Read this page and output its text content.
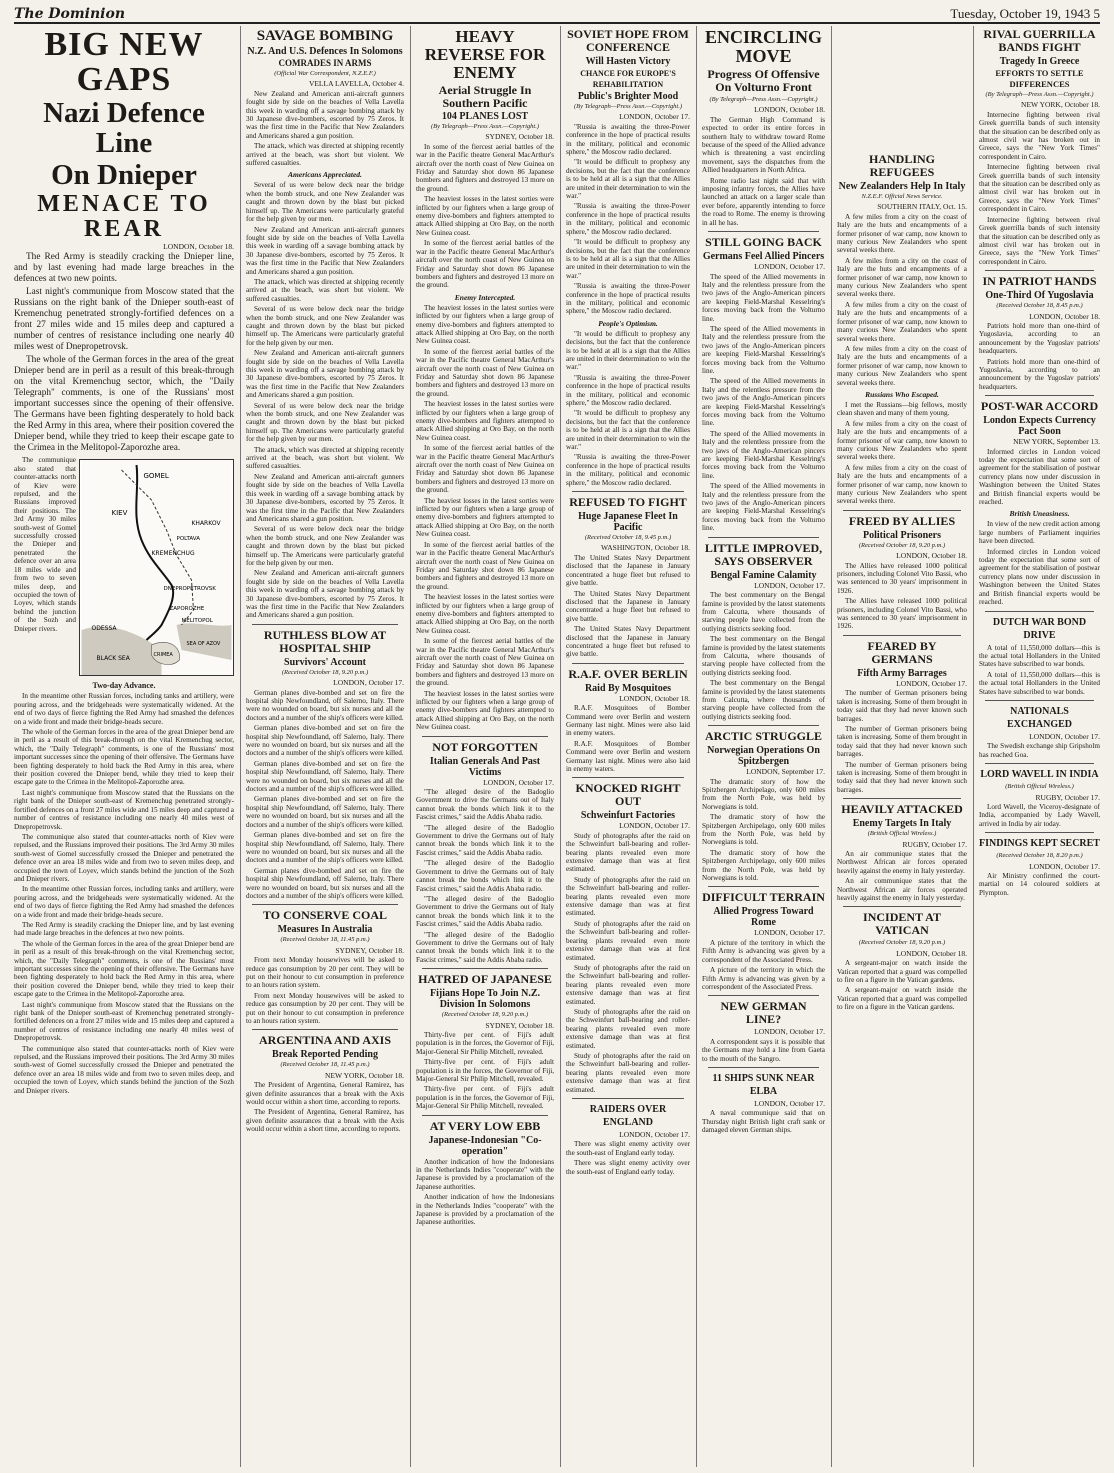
The Dominion	Tuesday, October 19, 1943 5
BIG NEW GAPS
Nazi Defence Line
On Dnieper
MENACE TO REAR
LONDON, October 18.

The Red Army is steadily cracking the Dnieper line, and by last evening had made large breaches in the defences at two new points.

Last night's communique from Moscow stated that the Russians on the right bank of the Dnieper south-east of Kremenchug penetrated strongly-fortified defences on a front 27 miles wide and 15 miles deep and captured a number of centres of resistance including one nearly 40 miles west of Dnepropetrovsk.

The whole of the German forces in the area of the great Dnieper bend are in peril as a result of this break-through on the vital Kremenchug sector, which, the "Daily Telegraph" comments, is one of the Russians' most important successes since the opening of their offensive. The Germans have been fighting desperately to hold back the Red Army in this area, where their position covered the Dnieper bend, while they tried to keep their escape gate to the Crimea in the Melitopol-Zaporozhe area.

The communique also stated that counter-attacks north of Kiev were repulsed, and the Russians improved their positions. The 3rd Army 30 miles south-west of Gomel successfully crossed the Dnieper and penetrated the defence over an area 18 miles wide and from two to seven miles deep, and occupied the town of Loyev, which stands behind the junction of the Sozh and Dnieper rivers.

GOMEL
KIEV
KREMENCHUG
DNEPROPETROVSK
ZAPOROZHE
MELITOPOL
SEA OF AZOV
BLACK SEA	CRIMEA
ODESSA
KHARKOV
POLTAVA
Two-day Advance.

In the meantime other Russian forces, including tanks and artillery, were pouring across, and the bridgeheads were systematically widened. At the end of two days of fierce fighting the Red Army had smashed the defences on a wide front and made their bridge-heads secure.

The whole of the German forces in the area of the great Dnieper bend are in peril as a result of this break-through on the vital Kremenchug sector, which, the "Daily Telegraph" comments, is one of the Russians' most important successes since the opening of their offensive. The Germans have been fighting desperately to hold back the Red Army in this area, where their position covered the Dnieper bend, while they tried to keep their escape gate to the Crimea in the Melitopol-Zaporozhe area.

Last night's communique from Moscow stated that the Russians on the right bank of the Dnieper south-east of Kremenchug penetrated strongly-fortified defences on a front 27 miles wide and 15 miles deep and captured a number of centres of resistance including one nearly 40 miles west of Dnepropetrovsk.

The communique also stated that counter-attacks north of Kiev were repulsed, and the Russians improved their positions. The 3rd Army 30 miles south-west of Gomel successfully crossed the Dnieper and penetrated the defence over an area 18 miles wide and from two to seven miles deep, and occupied the town of Loyev, which stands behind the junction of the Sozh and Dnieper rivers.

In the meantime other Russian forces, including tanks and artillery, were pouring across, and the bridgeheads were systematically widened. At the end of two days of fierce fighting the Red Army had smashed the defences on a wide front and made their bridge-heads secure.

The Red Army is steadily cracking the Dnieper line, and by last evening had made large breaches in the defences at two new points.

The whole of the German forces in the area of the great Dnieper bend are in peril as a result of this break-through on the vital Kremenchug sector, which, the "Daily Telegraph" comments, is one of the Russians' most important successes since the opening of their offensive. The Germans have been fighting desperately to hold back the Red Army in this area, where their position covered the Dnieper bend, while they tried to keep their escape gate to the Crimea in the Melitopol-Zaporozhe area.

Last night's communique from Moscow stated that the Russians on the right bank of the Dnieper south-east of Kremenchug penetrated strongly-fortified defences on a front 27 miles wide and 15 miles deep and captured a number of centres of resistance including one nearly 40 miles west of Dnepropetrovsk.

The communique also stated that counter-attacks north of Kiev were repulsed, and the Russians improved their positions. The 3rd Army 30 miles south-west of Gomel successfully crossed the Dnieper and penetrated the defence over an area 18 miles wide and from two to seven miles deep, and occupied the town of Loyev, which stands behind the junction of the Sozh and Dnieper rivers.

SAVAGE BOMBING
N.Z. And U.S. Defences In Solomons
COMRADES IN ARMS
(Official War Correspondent, N.Z.E.F.)
VELLA LAVELLA, October 4.

New Zealand and American anti-aircraft gunners fought side by side on the beaches of Vella Lavella this week in warding off a savage bombing attack by 30 Japanese dive-bombers, escorted by 75 Zeros. It was the first time in the Pacific that New Zealanders and Americans shared a gun position.

The attack, which was directed at shipping recently arrived at the beach, was short but violent. We suffered casualties.

Americans Appreciated.

Several of us were below deck near the bridge when the bomb struck, and one New Zealander was caught and thrown down by the blast but picked himself up. The Americans were particularly grateful for the help given by our men.

New Zealand and American anti-aircraft gunners fought side by side on the beaches of Vella Lavella this week in warding off a savage bombing attack by 30 Japanese dive-bombers, escorted by 75 Zeros. It was the first time in the Pacific that New Zealanders and Americans shared a gun position.

The attack, which was directed at shipping recently arrived at the beach, was short but violent. We suffered casualties.

Several of us were below deck near the bridge when the bomb struck, and one New Zealander was caught and thrown down by the blast but picked himself up. The Americans were particularly grateful for the help given by our men.

New Zealand and American anti-aircraft gunners fought side by side on the beaches of Vella Lavella this week in warding off a savage bombing attack by 30 Japanese dive-bombers, escorted by 75 Zeros. It was the first time in the Pacific that New Zealanders and Americans shared a gun position.

Several of us were below deck near the bridge when the bomb struck, and one New Zealander was caught and thrown down by the blast but picked himself up. The Americans were particularly grateful for the help given by our men.

The attack, which was directed at shipping recently arrived at the beach, was short but violent. We suffered casualties.

New Zealand and American anti-aircraft gunners fought side by side on the beaches of Vella Lavella this week in warding off a savage bombing attack by 30 Japanese dive-bombers, escorted by 75 Zeros. It was the first time in the Pacific that New Zealanders and Americans shared a gun position.

Several of us were below deck near the bridge when the bomb struck, and one New Zealander was caught and thrown down by the blast but picked himself up. The Americans were particularly grateful for the help given by our men.

New Zealand and American anti-aircraft gunners fought side by side on the beaches of Vella Lavella this week in warding off a savage bombing attack by 30 Japanese dive-bombers, escorted by 75 Zeros. It was the first time in the Pacific that New Zealanders and Americans shared a gun position.

RUTHLESS BLOW AT HOSPITAL SHIP
Survivors' Account
(Received October 18, 9.20 p.m.)
LONDON, October 17.

German planes dive-bombed and set on fire the hospital ship Newfoundland, off Salerno, Italy. There were no wounded on board, but six nurses and all the doctors and a number of the ship's officers were killed.

German planes dive-bombed and set on fire the hospital ship Newfoundland, off Salerno, Italy. There were no wounded on board, but six nurses and all the doctors and a number of the ship's officers were killed.

German planes dive-bombed and set on fire the hospital ship Newfoundland, off Salerno, Italy. There were no wounded on board, but six nurses and all the doctors and a number of the ship's officers were killed.

German planes dive-bombed and set on fire the hospital ship Newfoundland, off Salerno, Italy. There were no wounded on board, but six nurses and all the doctors and a number of the ship's officers were killed.

German planes dive-bombed and set on fire the hospital ship Newfoundland, off Salerno, Italy. There were no wounded on board, but six nurses and all the doctors and a number of the ship's officers were killed.

German planes dive-bombed and set on fire the hospital ship Newfoundland, off Salerno, Italy. There were no wounded on board, but six nurses and all the doctors and a number of the ship's officers were killed.

TO CONSERVE COAL
Measures In Australia
(Received October 18, 11.45 p.m.)
SYDNEY, October 18.

From next Monday housewives will be asked to reduce gas consumption by 20 per cent. They will be put on their honour to cut consumption in preference to an hours ration system.

From next Monday housewives will be asked to reduce gas consumption by 20 per cent. They will be put on their honour to cut consumption in preference to an hours ration system.

ARGENTINA AND AXIS
Break Reported Pending
(Received October 18, 11.45 p.m.)
NEW YORK, October 18.

The President of Argentina, General Ramirez, has given definite assurances that a break with the Axis would occur within a short time, according to reports.

The President of Argentina, General Ramirez, has given definite assurances that a break with the Axis would occur within a short time, according to reports.

HEAVY REVERSE FOR ENEMY
Aerial Struggle In Southern Pacific
104 PLANES LOST
(By Telegraph—Press Assn.—Copyright.)
SYDNEY, October 18.

In some of the fiercest aerial battles of the war in the Pacific theatre General MacArthur's aircraft over the north coast of New Guinea on Friday and Saturday shot down 86 Japanese bombers and fighters and destroyed 13 more on the ground.

The heaviest losses in the latest sorties were inflicted by our fighters when a large group of enemy dive-bombers and fighters attempted to attack Allied shipping at Oro Bay, on the north New Guinea coast.

In some of the fiercest aerial battles of the war in the Pacific theatre General MacArthur's aircraft over the north coast of New Guinea on Friday and Saturday shot down 86 Japanese bombers and fighters and destroyed 13 more on the ground.

Enemy Intercepted.

The heaviest losses in the latest sorties were inflicted by our fighters when a large group of enemy dive-bombers and fighters attempted to attack Allied shipping at Oro Bay, on the north New Guinea coast.

In some of the fiercest aerial battles of the war in the Pacific theatre General MacArthur's aircraft over the north coast of New Guinea on Friday and Saturday shot down 86 Japanese bombers and fighters and destroyed 13 more on the ground.

The heaviest losses in the latest sorties were inflicted by our fighters when a large group of enemy dive-bombers and fighters attempted to attack Allied shipping at Oro Bay, on the north New Guinea coast.

In some of the fiercest aerial battles of the war in the Pacific theatre General MacArthur's aircraft over the north coast of New Guinea on Friday and Saturday shot down 86 Japanese bombers and fighters and destroyed 13 more on the ground.

The heaviest losses in the latest sorties were inflicted by our fighters when a large group of enemy dive-bombers and fighters attempted to attack Allied shipping at Oro Bay, on the north New Guinea coast.

In some of the fiercest aerial battles of the war in the Pacific theatre General MacArthur's aircraft over the north coast of New Guinea on Friday and Saturday shot down 86 Japanese bombers and fighters and destroyed 13 more on the ground.

The heaviest losses in the latest sorties were inflicted by our fighters when a large group of enemy dive-bombers and fighters attempted to attack Allied shipping at Oro Bay, on the north New Guinea coast.

In some of the fiercest aerial battles of the war in the Pacific theatre General MacArthur's aircraft over the north coast of New Guinea on Friday and Saturday shot down 86 Japanese bombers and fighters and destroyed 13 more on the ground.

The heaviest losses in the latest sorties were inflicted by our fighters when a large group of enemy dive-bombers and fighters attempted to attack Allied shipping at Oro Bay, on the north New Guinea coast.

NOT FORGOTTEN
Italian Generals And Past Victims
LONDON, October 17.

"The alleged desire of the Badoglio Government to drive the Germans out of Italy cannot break the bonds which link it to the Fascist crimes," said the Addis Ababa radio.

"The alleged desire of the Badoglio Government to drive the Germans out of Italy cannot break the bonds which link it to the Fascist crimes," said the Addis Ababa radio.

"The alleged desire of the Badoglio Government to drive the Germans out of Italy cannot break the bonds which link it to the Fascist crimes," said the Addis Ababa radio.

"The alleged desire of the Badoglio Government to drive the Germans out of Italy cannot break the bonds which link it to the Fascist crimes," said the Addis Ababa radio.

"The alleged desire of the Badoglio Government to drive the Germans out of Italy cannot break the bonds which link it to the Fascist crimes," said the Addis Ababa radio.

HATRED OF JAPANESE
Fijians Hope To Join N.Z. Division In Solomons
(Received October 18, 9.20 p.m.)
SYDNEY, October 18.

Thirty-five per cent. of Fiji's adult population is in the forces, the Governor of Fiji, Major-General Sir Philip Mitchell, revealed.

Thirty-five per cent. of Fiji's adult population is in the forces, the Governor of Fiji, Major-General Sir Philip Mitchell, revealed.

Thirty-five per cent. of Fiji's adult population is in the forces, the Governor of Fiji, Major-General Sir Philip Mitchell, revealed.

AT VERY LOW EBB
Japanese-Indonesian "Co-operation"

Another indication of how the Indonesians in the Netherlands Indies "cooperate" with the Japanese is provided by a proclamation of the Japanese authorities.

Another indication of how the Indonesians in the Netherlands Indies "cooperate" with the Japanese is provided by a proclamation of the Japanese authorities.

SOVIET HOPE FROM CONFERENCE
Will Hasten Victory
CHANCE FOR EUROPE'S REHABILITATION
Public's Brighter Mood
(By Telegraph—Press Assn.—Copyright.)
LONDON, October 17.

"Russia is awaiting the three-Power conference in the hope of practical results in the military, political and economic sphere," the Moscow radio declared.

"It would be difficult to prophesy any decisions, but the fact that the conference is to be held at all is a sign that the Allies are united in their determination to win the war."

"Russia is awaiting the three-Power conference in the hope of practical results in the military, political and economic sphere," the Moscow radio declared.

"It would be difficult to prophesy any decisions, but the fact that the conference is to be held at all is a sign that the Allies are united in their determination to win the war."

"Russia is awaiting the three-Power conference in the hope of practical results in the military, political and economic sphere," the Moscow radio declared.

People's Optimism.

"It would be difficult to prophesy any decisions, but the fact that the conference is to be held at all is a sign that the Allies are united in their determination to win the war."

"Russia is awaiting the three-Power conference in the hope of practical results in the military, political and economic sphere," the Moscow radio declared.

"It would be difficult to prophesy any decisions, but the fact that the conference is to be held at all is a sign that the Allies are united in their determination to win the war."

"Russia is awaiting the three-Power conference in the hope of practical results in the military, political and economic sphere," the Moscow radio declared.

REFUSED TO FIGHT
Huge Japanese Fleet In Pacific
(Received October 18, 9.45 p.m.)
WASHINGTON, October 18.

The United States Navy Department disclosed that the Japanese in January concentrated a huge fleet but refused to give battle.

The United States Navy Department disclosed that the Japanese in January concentrated a huge fleet but refused to give battle.

The United States Navy Department disclosed that the Japanese in January concentrated a huge fleet but refused to give battle.

R.A.F. OVER BERLIN
Raid By Mosquitoes
LONDON, October 18.

R.A.F. Mosquitoes of Bomber Command were over Berlin and western Germany last night. Mines were also laid in enemy waters.

R.A.F. Mosquitoes of Bomber Command were over Berlin and western Germany last night. Mines were also laid in enemy waters.

KNOCKED RIGHT OUT
Schweinfurt Factories
LONDON, October 17.

Study of photographs after the raid on the Schweinfurt ball-bearing and roller-bearing plants revealed even more extensive damage than was at first estimated.

Study of photographs after the raid on the Schweinfurt ball-bearing and roller-bearing plants revealed even more extensive damage than was at first estimated.

Study of photographs after the raid on the Schweinfurt ball-bearing and roller-bearing plants revealed even more extensive damage than was at first estimated.

Study of photographs after the raid on the Schweinfurt ball-bearing and roller-bearing plants revealed even more extensive damage than was at first estimated.

Study of photographs after the raid on the Schweinfurt ball-bearing and roller-bearing plants revealed even more extensive damage than was at first estimated.

Study of photographs after the raid on the Schweinfurt ball-bearing and roller-bearing plants revealed even more extensive damage than was at first estimated.

RAIDERS OVER ENGLAND
LONDON, October 17.

There was slight enemy activity over the south-east of England early today.

There was slight enemy activity over the south-east of England early today.

ENCIRCLING MOVE
Progress Of Offensive On Volturno Front
(By Telegraph—Press Assn.—Copyright.)
LONDON, October 18.

The German High Command is expected to order its entire forces in southern Italy to withdraw toward Rome because of the speed of the Allied advance which is threatening a vast encircling movement, says the dispatches from the Allied headquarters in North Africa.

Rome radio last night said that with imposing infantry forces, the Allies have launched an attack on a larger scale than ever before, apparently intending to force the road to Rome. The enemy is throwing in all he has.

STILL GOING BACK
Germans Feel Allied Pincers
LONDON, October 17.

The speed of the Allied movements in Italy and the relentless pressure from the two jaws of the Anglo-American pincers are keeping Field-Marshal Kesselring's forces moving back from the Volturno line.

The speed of the Allied movements in Italy and the relentless pressure from the two jaws of the Anglo-American pincers are keeping Field-Marshal Kesselring's forces moving back from the Volturno line.

The speed of the Allied movements in Italy and the relentless pressure from the two jaws of the Anglo-American pincers are keeping Field-Marshal Kesselring's forces moving back from the Volturno line.

The speed of the Allied movements in Italy and the relentless pressure from the two jaws of the Anglo-American pincers are keeping Field-Marshal Kesselring's forces moving back from the Volturno line.

The speed of the Allied movements in Italy and the relentless pressure from the two jaws of the Anglo-American pincers are keeping Field-Marshal Kesselring's forces moving back from the Volturno line.

LITTLE IMPROVED, SAYS OBSERVER
Bengal Famine Calamity
LONDON, October 17.

The best commentary on the Bengal famine is provided by the latest statements from Calcutta, where thousands of starving people have collected from the outlying districts seeking food.

The best commentary on the Bengal famine is provided by the latest statements from Calcutta, where thousands of starving people have collected from the outlying districts seeking food.

The best commentary on the Bengal famine is provided by the latest statements from Calcutta, where thousands of starving people have collected from the outlying districts seeking food.

ARCTIC STRUGGLE
Norwegian Operations On Spitzbergen
LONDON, September 17.

The dramatic story of how the Spitzbergen Archipelago, only 600 miles from the North Pole, was held by Norwegians is told.

The dramatic story of how the Spitzbergen Archipelago, only 600 miles from the North Pole, was held by Norwegians is told.

The dramatic story of how the Spitzbergen Archipelago, only 600 miles from the North Pole, was held by Norwegians is told.

DIFFICULT TERRAIN
Allied Progress Toward Rome
LONDON, October 17.

A picture of the territory in which the Fifth Army is advancing was given by a correspondent of the Associated Press.

A picture of the territory in which the Fifth Army is advancing was given by a correspondent of the Associated Press.

NEW GERMAN LINE?
LONDON, October 17.

A correspondent says it is possible that the Germans may hold a line from Gaeta to the mouth of the Sangro.

11 SHIPS SUNK NEAR ELBA
LONDON, October 17.

A naval communique said that on Thursday night British light craft sank or damaged eleven German ships.

HANDLING REFUGEES
New Zealanders Help In Italy
N.Z.E.F. Official News Service.
SOUTHERN ITALY, Oct. 15.

A few miles from a city on the coast of Italy are the huts and encampments of a former prisoner of war camp, now known to many curious New Zealanders who spent several weeks there.

A few miles from a city on the coast of Italy are the huts and encampments of a former prisoner of war camp, now known to many curious New Zealanders who spent several weeks there.

A few miles from a city on the coast of Italy are the huts and encampments of a former prisoner of war camp, now known to many curious New Zealanders who spent several weeks there.

A few miles from a city on the coast of Italy are the huts and encampments of a former prisoner of war camp, now known to many curious New Zealanders who spent several weeks there.

Russians Who Escaped.

I met the Russians—big fellows, mostly clean shaven and many of them young.

A few miles from a city on the coast of Italy are the huts and encampments of a former prisoner of war camp, now known to many curious New Zealanders who spent several weeks there.

A few miles from a city on the coast of Italy are the huts and encampments of a former prisoner of war camp, now known to many curious New Zealanders who spent several weeks there.

FREED BY ALLIES
Political Prisoners
(Received October 18, 9.20 p.m.)
LONDON, October 18.

The Allies have released 1000 political prisoners, including Colonel Vito Bassi, who was sentenced to 30 years' imprisonment in 1926.

The Allies have released 1000 political prisoners, including Colonel Vito Bassi, who was sentenced to 30 years' imprisonment in 1926.

FEARED BY GERMANS
Fifth Army Barrages
LONDON, October 17.

The number of German prisoners being taken is increasing. Some of them brought in today said that they had never known such barrages.

The number of German prisoners being taken is increasing. Some of them brought in today said that they had never known such barrages.

The number of German prisoners being taken is increasing. Some of them brought in today said that they had never known such barrages.

HEAVILY ATTACKED
Enemy Targets In Italy
(British Official Wireless.)
RUGBY, October 17.

An air communique states that the Northwest African air forces operated heavily against the enemy in Italy yesterday.

An air communique states that the Northwest African air forces operated heavily against the enemy in Italy yesterday.

INCIDENT AT VATICAN
(Received October 18, 9.20 p.m.)
LONDON, October 18.

A sergeant-major on watch inside the Vatican reported that a guard was compelled to fire on a figure in the Vatican gardens.

A sergeant-major on watch inside the Vatican reported that a guard was compelled to fire on a figure in the Vatican gardens.

RIVAL GUERRILLA BANDS FIGHT
Tragedy In Greece
EFFORTS TO SETTLE DIFFERENCES
(By Telegraph—Press Assn.—Copyright.)
NEW YORK, October 18.

Internecine fighting between rival Greek guerrilla bands of such intensity that the situation can be described only as almost civil war has broken out in Greece, says the "New York Times" correspondent in Cairo.

Internecine fighting between rival Greek guerrilla bands of such intensity that the situation can be described only as almost civil war has broken out in Greece, says the "New York Times" correspondent in Cairo.

Internecine fighting between rival Greek guerrilla bands of such intensity that the situation can be described only as almost civil war has broken out in Greece, says the "New York Times" correspondent in Cairo.

IN PATRIOT HANDS
One-Third Of Yugoslavia
(Received October 18, 8.45 p.m.)
LONDON, October 18.

Patriots hold more than one-third of Yugoslavia, according to an announcement by the Yugoslav patriots' headquarters.

Patriots hold more than one-third of Yugoslavia, according to an announcement by the Yugoslav patriots' headquarters.

POST-WAR ACCORD
London Expects Currency Pact Soon
NEW YORK, September 13.

Informed circles in London voiced today the expectation that some sort of agreement for the stabilisation of postwar currency plans now under discussion in Washington between the United States and British financial experts would be reached.

British Uneasiness.

In view of the new credit action among large numbers of Parliament inquiries have been directed.

Informed circles in London voiced today the expectation that some sort of agreement for the stabilisation of postwar currency plans now under discussion in Washington between the United States and British financial experts would be reached.

DUTCH WAR BOND DRIVE

A total of 11,550,000 dollars—this is the actual total Hollanders in the United States have subscribed to war bonds.

A total of 11,550,000 dollars—this is the actual total Hollanders in the United States have subscribed to war bonds.

NATIONALS EXCHANGED
LONDON, October 17.

The Swedish exchange ship Gripsholm has reached Goa.

LORD WAVELL IN INDIA
(British Official Wireless.)
RUGBY, October 17.

Lord Wavell, the Viceroy-designate of India, accompanied by Lady Wavell, arrived in India by air today.

FINDINGS KEPT SECRET
(Received October 18, 8.20 p.m.)
LONDON, October 17.

Air Ministry confirmed the court-martial on 14 coloured soldiers at Plympton.
